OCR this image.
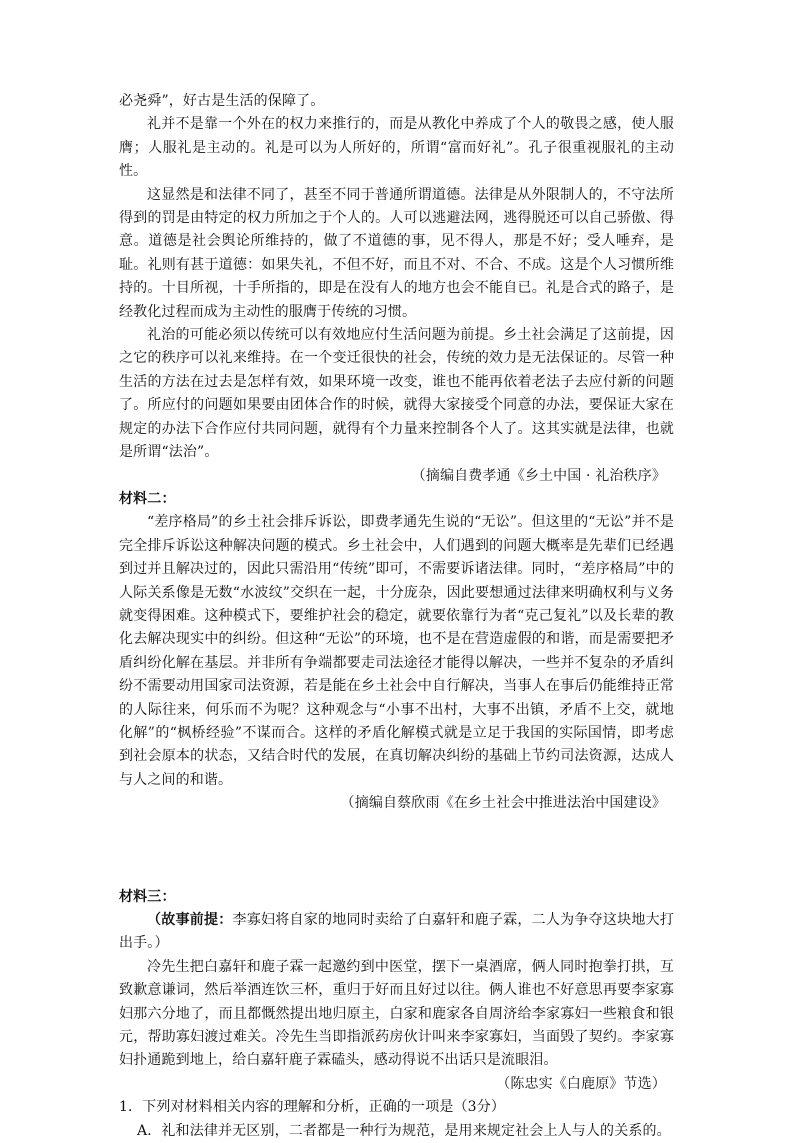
必尧舜”，好古是生活的保障了。

礼并不是靠一个外在的权力来推行的，而是从教化中养成了个人的敬畏之感，使人服膺；人服礼是主动的。礼是可以为人所好的，所谓“富而好礼”。孔子很重视服礼的主动性。

这显然是和法律不同了，甚至不同于普通所谓道德。法律是从外限制人的，不守法所得到的罚是由特定的权力所加之于个人的。人可以逃避法网，逃得脱还可以自己骄傲、得意。道德是社会舆论所维持的，做了不道德的事，见不得人，那是不好；受人唾弃，是耻。礼则有甚于道德：如果失礼，不但不好，而且不对、不合、不成。这是个人习惯所维持的。十目所视，十手所指的，即是在没有人的地方也会不能自已。礼是合式的路子，是经教化过程而成为主动性的服膺于传统的习惯。

礼治的可能必须以传统可以有效地应付生活问题为前提。乡土社会满足了这前提，因之它的秩序可以礼来维持。在一个变迁很快的社会，传统的效力是无法保证的。尽管一种生活的方法在过去是怎样有效，如果环境一改变，谁也不能再依着老法子去应付新的问题了。所应付的问题如果要由团体合作的时候，就得大家接受个同意的办法，要保证大家在规定的办法下合作应付共同问题，就得有个力量来控制各个人了。这其实就是法律，也就是所谓“法治”。

（摘编自费孝通《乡土中国 · 礼治秩序》

材料二：

“差序格局”的乡土社会排斥诉讼，即费孝通先生说的“无讼”。但这里的“无讼”并不是完全排斥诉讼这种解决问题的模式。乡土社会中，人们遇到的问题大概率是先辈们已经遇到过并且解决过的，因此只需沿用“传统”即可，不需要诉诸法律。同时，“差序格局”中的人际关系像是无数“水波纹”交织在一起，十分庞杂，因此要想通过法律来明确权利与义务就变得困难。这种模式下，要维护社会的稳定，就要依靠行为者“克己复礼”以及长辈的教化去解决现实中的纠纷。但这种“无讼”的环境，也不是在营造虚假的和谐，而是需要把矛盾纠纷化解在基层。并非所有争端都要走司法途径才能得以解决，一些并不复杂的矛盾纠纷不需要动用国家司法资源，若是能在乡土社会中自行解决，当事人在事后仍能维持正常的人际往来，何乐而不为呢？这种观念与“小事不出村，大事不出镇，矛盾不上交，就地化解”的“枫桥经验”不谋而合。这样的矛盾化解模式就是立足于我国的实际国情，即考虑到社会原本的状态，又结合时代的发展，在真切解决纠纷的基础上节约司法资源，达成人与人之间的和谐。

（摘编自蔡欣雨《在乡土社会中推进法治中国建设》

材料三：

（故事前提：李寡妇将自家的地同时卖给了白嘉轩和鹿子霖，二人为争夺这块地大打出手。）

冷先生把白嘉轩和鹿子霖一起邀约到中医堂，摆下一桌酒席，俩人同时抱拳打拱，互致歉意谦词，然后举酒连饮三杯，重归于好而且好过以往。俩人谁也不好意思再要李家寡妇那六分地了，而且都慨然提出地归原主，白家和鹿家各自周济给李家寡妇一些粮食和银元，帮助寡妇渡过难关。冷先生当即指派药房伙计叫来李家寡妇，当面毁了契约。李家寡妇扑通跪到地上，给白嘉轩鹿子霖磕头，感动得说不出话只是流眼泪。

（陈忠实《白鹿原》节选）

1．下列对材料相关内容的理解和分析，正确的一项是（3分）

A．礼和法律并无区别，二者都是一种行为规范，是用来规定社会上人与人的关系的。
